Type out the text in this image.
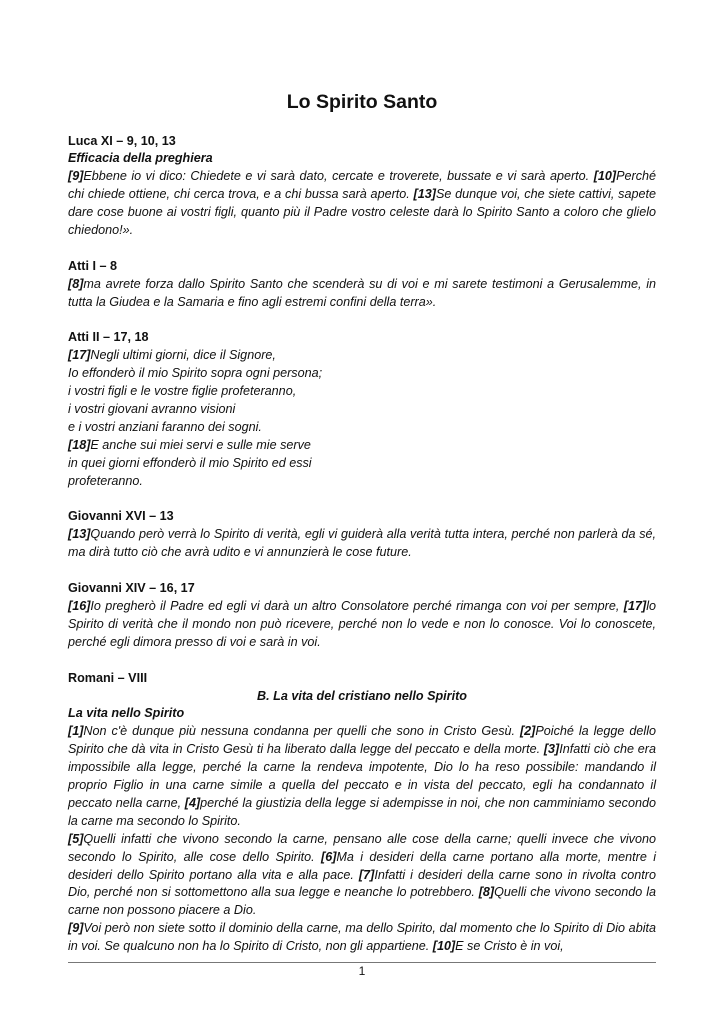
Lo Spirito Santo
Luca XI – 9, 10, 13
Efficacia della preghiera

[9]Ebbene io vi dico: Chiedete e vi sarà dato, cercate e troverete, bussate e vi sarà aperto. [10]Perché chi chiede ottiene, chi cerca trova, e a chi bussa sarà aperto. [13]Se dunque voi, che siete cattivi, sapete dare cose buone ai vostri figli, quanto più il Padre vostro celeste darà lo Spirito Santo a coloro che glielo chiedono!».

Atti I – 8

[8]ma avrete forza dallo Spirito Santo che scenderà su di voi e mi sarete testimoni a Gerusalemme, in tutta la Giudea e la Samaria e fino agli estremi confini della terra».

Atti II – 17, 18

[17]Negli ultimi giorni, dice il Signore,
Io effonderò il mio Spirito sopra ogni persona;
i vostri figli e le vostre figlie profeteranno,
i vostri giovani avranno visioni
e i vostri anziani faranno dei sogni.
[18]E anche sui miei servi e sulle mie serve
in quei giorni effonderò il mio Spirito ed essi
profeteranno.

Giovanni XVI – 13

[13]Quando però verrà lo Spirito di verità, egli vi guiderà alla verità tutta intera, perché non parlerà da sé, ma dirà tutto ciò che avrà udito e vi annunzierà le cose future.

Giovanni XIV – 16, 17

[16]Io pregherò il Padre ed egli vi darà un altro Consolatore perché rimanga con voi per sempre, [17]lo Spirito di verità che il mondo non può ricevere, perché non lo vede e non lo conosce. Voi lo conoscete, perché egli dimora presso di voi e sarà in voi.

Romani – VIII
B. La vita del cristiano nello Spirito
La vita nello Spirito

[1]Non c'è dunque più nessuna condanna per quelli che sono in Cristo Gesù. [2]Poiché la legge dello Spirito che dà vita in Cristo Gesù ti ha liberato dalla legge del peccato e della morte. [3]Infatti ciò che era impossibile alla legge, perché la carne la rendeva impotente, Dio lo ha reso possibile: mandando il proprio Figlio in una carne simile a quella del peccato e in vista del peccato, egli ha condannato il peccato nella carne, [4]perché la giustizia della legge si adempisse in noi, che non camminiamo secondo la carne ma secondo lo Spirito.

[5]Quelli infatti che vivono secondo la carne, pensano alle cose della carne; quelli invece che vivono secondo lo Spirito, alle cose dello Spirito. [6]Ma i desideri della carne portano alla morte, mentre i desideri dello Spirito portano alla vita e alla pace. [7]Infatti i desideri della carne sono in rivolta contro Dio, perché non si sottomettono alla sua legge e neanche lo potrebbero. [8]Quelli che vivono secondo la carne non possono piacere a Dio.

[9]Voi però non siete sotto il dominio della carne, ma dello Spirito, dal momento che lo Spirito di Dio abita in voi. Se qualcuno non ha lo Spirito di Cristo, non gli appartiene. [10]E se Cristo è in voi,

1
